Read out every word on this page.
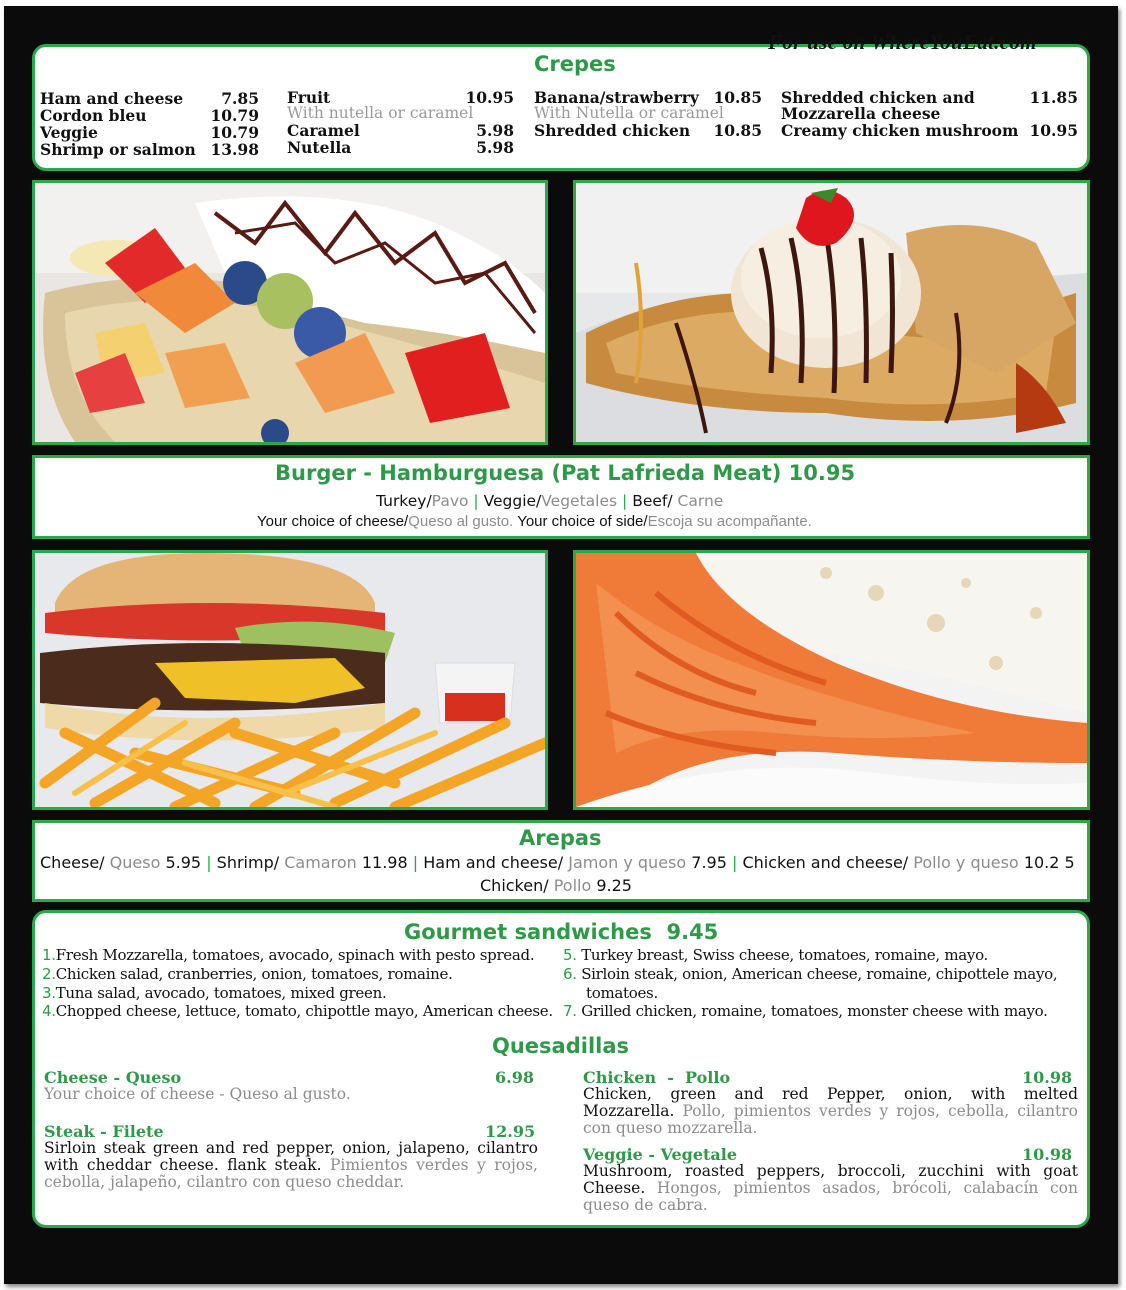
For use on WhereYouEat.com
Crepes
Ham and cheese 7.85
Cordon bleu	10.79
Veggie	10.79
Shrimp or salmon 13.98
Fruit	10.95
With nutella or caramel
Caramel	5.98
Nutella	5.98
Banana/strawberry 10.85
With Nutella or caramel
Shredded chicken 10.85
Shredded chicken and	11.85
Mozzarella cheese
Creamy chicken mushroom 10.95
Burger - Hamburguesa (Pat Lafrieda Meat) 10.95
Turkey/Pavo | Veggie/Vegetales | Beef/ Carne
Your choice of cheese/Queso al gusto. Your choice of side/Escoja su acompañante.
Arepas
Cheese/ Queso 5.95 | Shrimp/ Camaron 11.98 | Ham and cheese/ Jamon y queso 7.95 | Chicken and cheese/ Pollo y queso 10.2 5
Chicken/ Pollo 9.25
Gourmet sandwiches  9.45
1.Fresh Mozzarella, tomatoes, avocado, spinach with pesto spread.
2.Chicken salad, cranberries, onion, tomatoes, romaine.
3.Tuna salad, avocado, tomatoes, mixed green.
4.Chopped cheese, lettuce, tomato, chipottle mayo, American cheese.
5. Turkey breast, Swiss cheese, tomatoes, romaine, mayo.
6. Sirloin steak, onion, American cheese, romaine, chipottele mayo,
tomatoes.
7. Grilled chicken, romaine, tomatoes, monster cheese with mayo.
Quesadillas
Cheese - Queso	6.98
Your choice of cheese - Queso al gusto.
Steak - Filete	12.95
Sirloin steak green and red pepper, onion, jalapeno, cilantro with cheddar cheese. flank steak. Pimientos verdes y rojos, cebolla, jalapeño, cilantro con queso cheddar.
Chicken  -  Pollo	10.98
Chicken, green and red Pepper, onion, with melted Mozzarella. Pollo, pimientos verdes y rojos, cebolla, cilantro con queso mozzarella.
Veggie - Vegetale	10.98
Mushroom, roasted peppers, broccoli, zucchini with goat Cheese. Hongos, pimientos asados, brócoli, calabacín con queso de cabra.
